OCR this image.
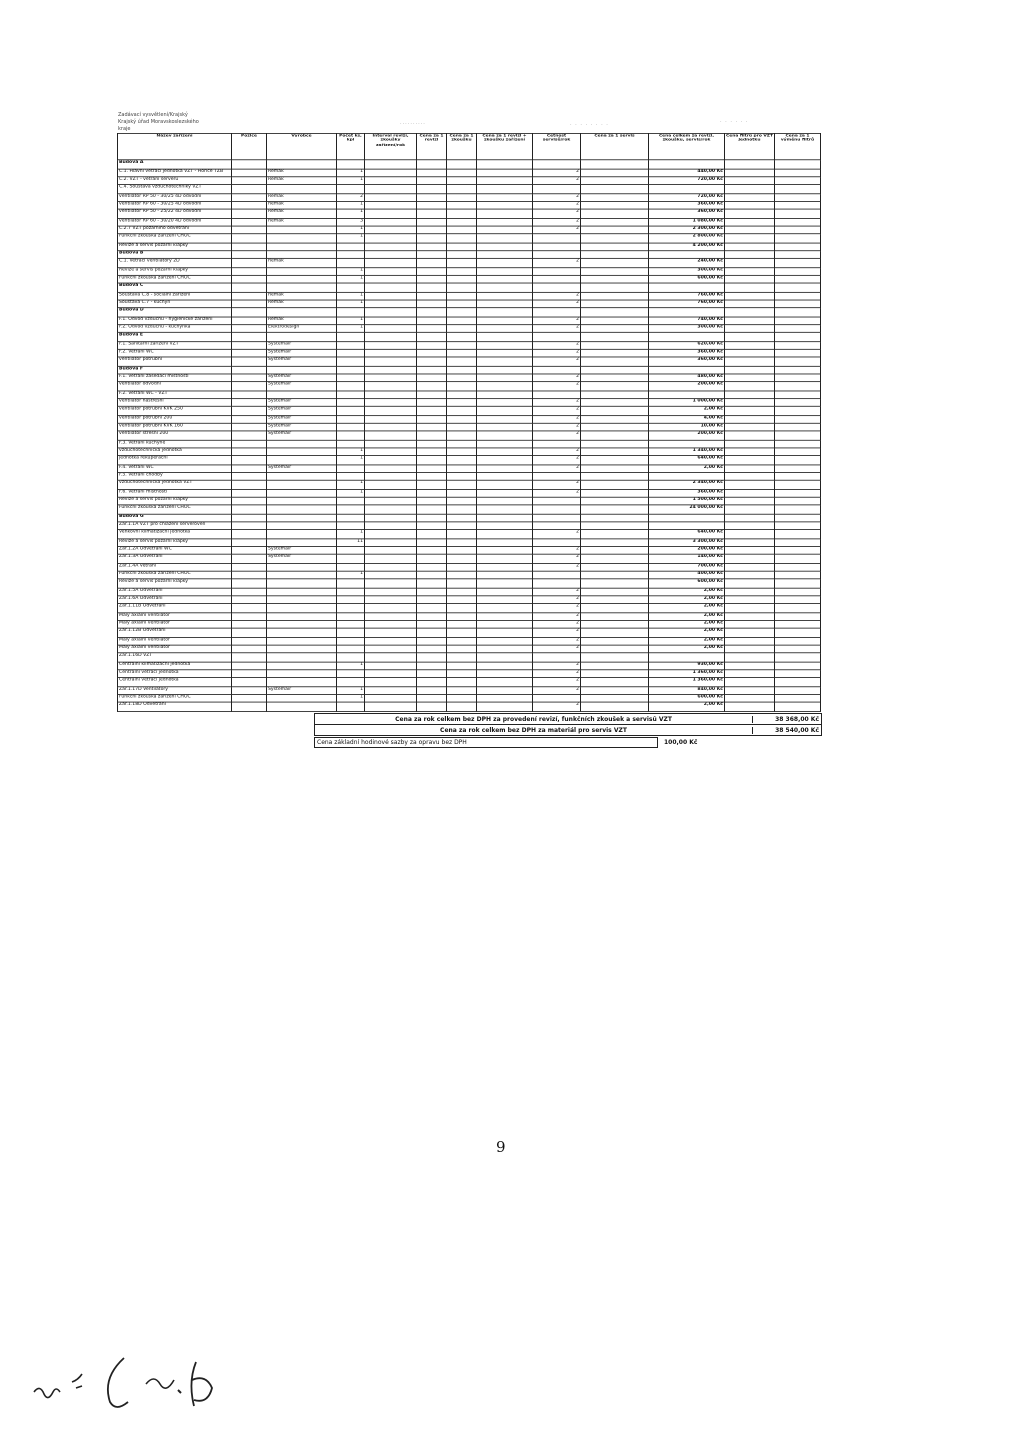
Zadávací vysvětlení/Krajský
Krajský úřad Moravskoslezského
kraje
..........	· · · · · · · ·
. . . . . .
Název zařízení	Pozice	Výrobce	Počet ks, kpl	Interval revizí, zkoušky zařízení/rok	Cena za 1 revizi	Cena za 1 zkoušku	Cena za 1 revizi + zkoušku zařízení	Četnost servisů/rok	Cena za 1 servis	Cena celkem za revizi, zkoušku, servis/rok	Cena filtrů pro VZT jednotku	Cena za 1 výměnu filtrů
Budova A												
C.1. Hlavní větrací jednotka VZT - Hořice TZB		Remak	1					2		440,00 Kč		
C.2. VZT - větrání serveru		Remak	1					2		720,00 Kč		
C.4. Soustava vzduchotechniky VZT												
ventilátor RP 50 - 30/25 4D odvodní		Remak	2					2		720,00 Kč		
ventilátor RP 60 - 30/25 4D odvodní		Remak	1					2		360,00 Kč		
ventilátor RP 50 - 25/22 4D odvodní		Remak	1					2		360,00 Kč		
ventilátor RP 60 - 30/20 4D odvodní		Remak	3					2		1 080,00 Kč		
C.2.7 VZT požárního odvětrání			1					2		2 300,00 Kč		
Funkční zkouška zařízení CHOC			1							2 800,00 Kč		
Revize a servis požární klapky										4 200,00 Kč		
Budova B												
C.1. Větrací ventilátory 2D		Remak						2		240,00 Kč		
Revize a servis požární klapky			1							300,00 Kč		
Funkční zkouška zařízení CHOC			1							600,00 Kč		
Budova C												
Soustava C.8 - sociální zařízení		Remak	1					2		760,00 Kč		
Soustava C.7 - kuchyň		Remak	1					2		760,00 Kč		
Budova D												
F.1. Odvod vzduchu - hygienické zařízení		Remak	1					2		740,00 Kč		
F.2. Odvod vzduchu - kuchyňka		Elektrodesign	1					2		300,00 Kč		
Budova E												
F.1. Sanitární zařízení VZT		Systemair						2		620,00 Kč		
F.2. Větrání WC		Systemair						2		360,00 Kč		
ventilátor potrubní		Systemair						2		360,00 Kč		
Budova F												
F.1. Větrání zasedací místnosti		Systemair						2		480,00 Kč		
ventilátor odvodní		Systemair						2		200,00 Kč		
F.2. Větrání WC - VZT												
ventilátor nástřešní		Systemair						2		1 000,00 Kč		
ventilátor potrubní KVK 250		Systemair						2		2,00 Kč		
ventilátor potrubní 200		Systemair						2		4,00 Kč		
ventilátor potrubní KVK 160		Systemair						2		10,00 Kč		
ventilátor střešní 200		Systemair						2		200,00 Kč		
F.3. Větrání kuchyně												
vzduchotechnická jednotka			1					2		1 340,00 Kč		
jednotka rekuperační			1					2		640,00 Kč		
F.4. Větrání WC		Systemair						2		2,00 Kč		
F.5. Větrání chodby												
vzduchotechnická jednotka VZT			1					2		2 340,00 Kč		
F.6. Větrání místností			1					2		360,00 Kč		
Revize a servis požární klapky										1 500,00 Kč		
Funkční zkouška zařízení CHOC										24 000,00 Kč		
Budova G												
Zař.1.1A VZT pro chlazení serveroven												
Venkovní klimatizační jednotka			1					2		640,00 Kč		
Revize a servis požární klapky			11							3 300,00 Kč		
Zař.1.2A Odvětrání WC		Systemair						2		200,00 Kč		
Zař.1.3A Odvětrání		Systemair						2		140,00 Kč		
Zař.1.4A Větrání								2		700,00 Kč		
Funkční zkouška zařízení CHOC			1							400,00 Kč		
Revize a servis požární klapky										600,00 Kč		
Zař.1.5A Odvětrání								2		2,00 Kč		
Zař.1.6A Odvětrání								2		2,00 Kč		
Zař.1.11B Odvětrání								2		2,00 Kč		
Malý axiální ventilátor								2		2,00 Kč		
Malý axiální ventilátor								2		2,00 Kč		
Zař.1.12B Odvětrání								2		2,00 Kč		
Malý axiální ventilátor								2		2,00 Kč		
Malý axiální ventilátor								2		2,00 Kč		
Zař.1.16D VZT												
Centrální klimatizační jednotka			1					2		930,00 Kč		
Centrální větrací jednotka								2		1 360,00 Kč		
Centrální větrací jednotka								2		1 360,00 Kč		
Zař.1.17D Ventilátory		Systemair	1					2		840,00 Kč		
Funkční zkouška zařízení CHOC			1							600,00 Kč		
Zař.1.18D Odvětrání								2		2,00 Kč		
Cena za rok celkem bez DPH za provedení revizí, funkčních zkoušek a servisů VZT	38 368,00 Kč
Cena za rok celkem bez DPH za materiál pro servis VZT	38 540,00 Kč
Cena základní hodinové sazby za opravu bez DPH	100,00 Kč
9
